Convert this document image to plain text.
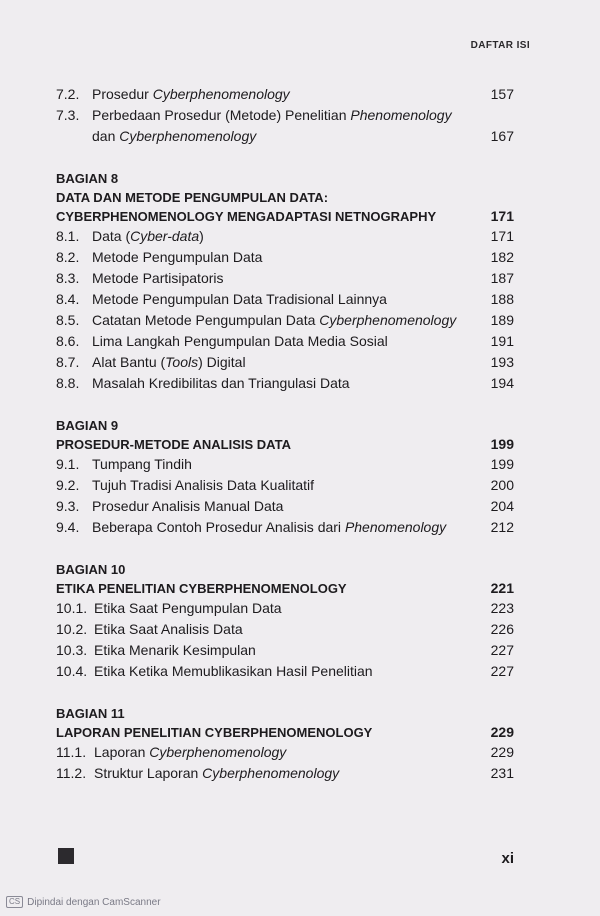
DAFTAR ISI
7.2. Prosedur Cyberphenomenology	157
7.3. Perbedaan Prosedur (Metode) Penelitian Phenomenology
dan Cyberphenomenology	167
BAGIAN 8
DATA DAN METODE PENGUMPULAN DATA:
CYBERPHENOMENOLOGY MENGADAPTASI NETNOGRAPHY	171
8.1. Data (Cyber-data)	171
8.2. Metode Pengumpulan Data	182
8.3. Metode Partisipatoris	187
8.4. Metode Pengumpulan Data Tradisional Lainnya	188
8.5. Catatan Metode Pengumpulan Data Cyberphenomenology	189
8.6. Lima Langkah Pengumpulan Data Media Sosial	191
8.7. Alat Bantu (Tools) Digital	193
8.8. Masalah Kredibilitas dan Triangulasi Data	194
BAGIAN 9
PROSEDUR-METODE ANALISIS DATA	199
9.1. Tumpang Tindih	199
9.2. Tujuh Tradisi Analisis Data Kualitatif	200
9.3. Prosedur Analisis Manual Data	204
9.4. Beberapa Contoh Prosedur Analisis dari Phenomenology	212
BAGIAN 10
ETIKA PENELITIAN CYBERPHENOMENOLOGY	221
10.1. Etika Saat Pengumpulan Data	223
10.2. Etika Saat Analisis Data	226
10.3. Etika Menarik Kesimpulan	227
10.4. Etika Ketika Memublikasikan Hasil Penelitian	227
BAGIAN 11
LAPORAN PENELITIAN CYBERPHENOMENOLOGY	229
11.1. Laporan Cyberphenomenology	229
11.2. Struktur Laporan Cyberphenomenology	231
xi
CS Dipindai dengan CamScanner
